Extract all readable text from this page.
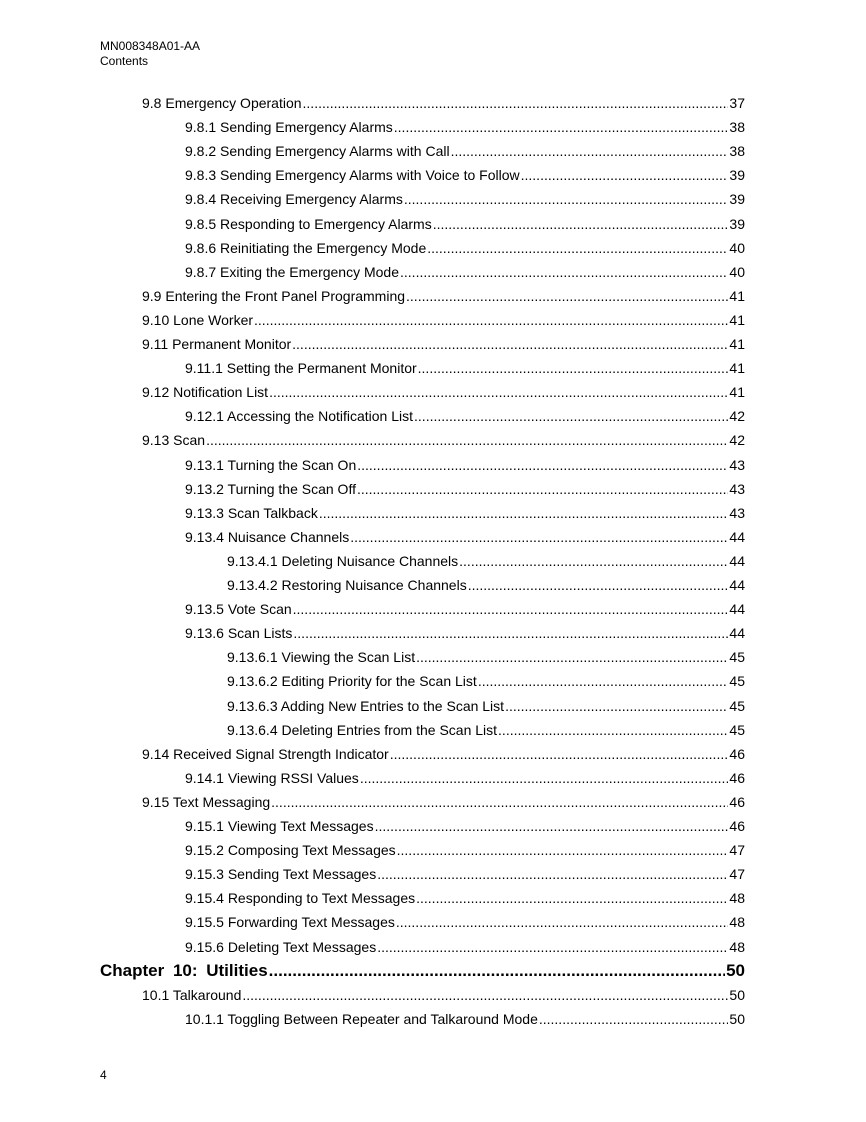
MN008348A01-AA
Contents
9.8 Emergency Operation .....	37
9.8.1 Sending Emergency Alarms .....	38
9.8.2 Sending Emergency Alarms with Call .....	38
9.8.3 Sending Emergency Alarms with Voice to Follow .....	39
9.8.4 Receiving Emergency Alarms .....	39
9.8.5 Responding to Emergency Alarms .....	39
9.8.6 Reinitiating the Emergency Mode .....	40
9.8.7 Exiting the Emergency Mode .....	40
9.9 Entering the Front Panel Programming .....	41
9.10 Lone Worker .....	41
9.11 Permanent Monitor .....	41
9.11.1 Setting the Permanent Monitor .....	41
9.12 Notification List .....	41
9.12.1 Accessing the Notification List .....	42
9.13 Scan .....	42
9.13.1 Turning the Scan On .....	43
9.13.2 Turning the Scan Off .....	43
9.13.3 Scan Talkback .....	43
9.13.4 Nuisance Channels .....	44
9.13.4.1 Deleting Nuisance Channels .....	44
9.13.4.2 Restoring Nuisance Channels .....	44
9.13.5 Vote Scan .....	44
9.13.6 Scan Lists .....	44
9.13.6.1 Viewing the Scan List .....	45
9.13.6.2 Editing Priority for the Scan List .....	45
9.13.6.3 Adding New Entries to the Scan List .....	45
9.13.6.4 Deleting Entries from the Scan List .....	45
9.14 Received Signal Strength Indicator .....	46
9.14.1 Viewing RSSI Values .....	46
9.15 Text Messaging .....	46
9.15.1 Viewing Text Messages .....	46
9.15.2 Composing Text Messages .....	47
9.15.3 Sending Text Messages .....	47
9.15.4 Responding to Text Messages .....	48
9.15.5 Forwarding Text Messages .....	48
9.15.6 Deleting Text Messages .....	48
Chapter 10: Utilities .....	50
10.1 Talkaround .....	50
10.1.1 Toggling Between Repeater and Talkaround Mode .....	50
4
